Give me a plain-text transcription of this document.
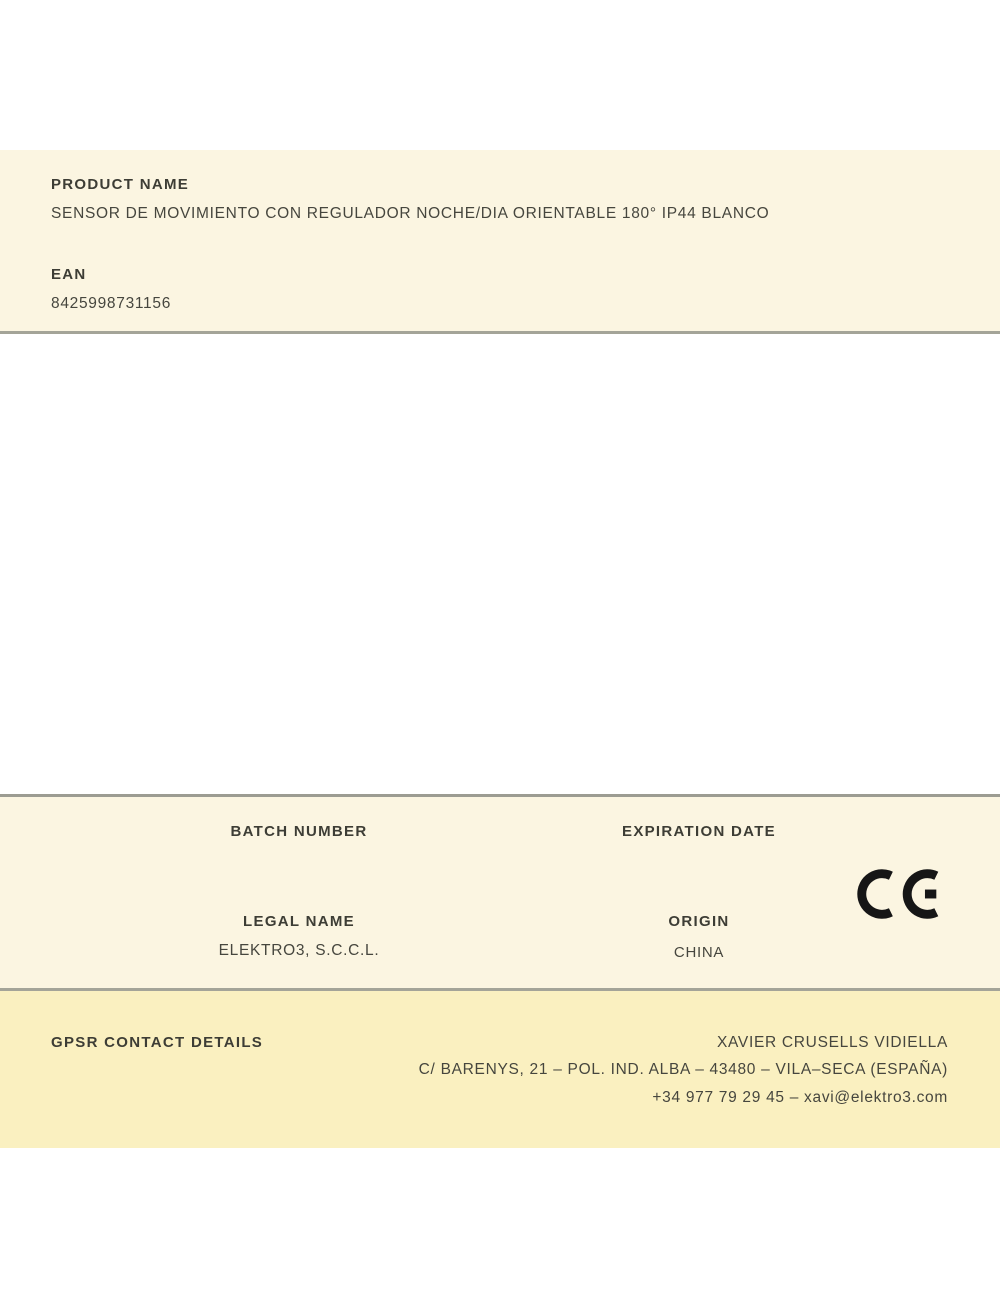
PRODUCT NAME
SENSOR DE MOVIMIENTO CON REGULADOR NOCHE/DIA ORIENTABLE 180° IP44 BLANCO
EAN
8425998731156
BATCH NUMBER
LEGAL NAME
ELEKTRO3, S.C.C.L.
EXPIRATION DATE
ORIGIN
CHINA
GPSR CONTACT DETAILS	XAVIER CRUSELLS VIDIELLA
C/ BARENYS, 21 – POL. IND. ALBA – 43480 – VILA–SECA (ESPAÑA)
+34 977 79 29 45 – xavi@elektro3.com
